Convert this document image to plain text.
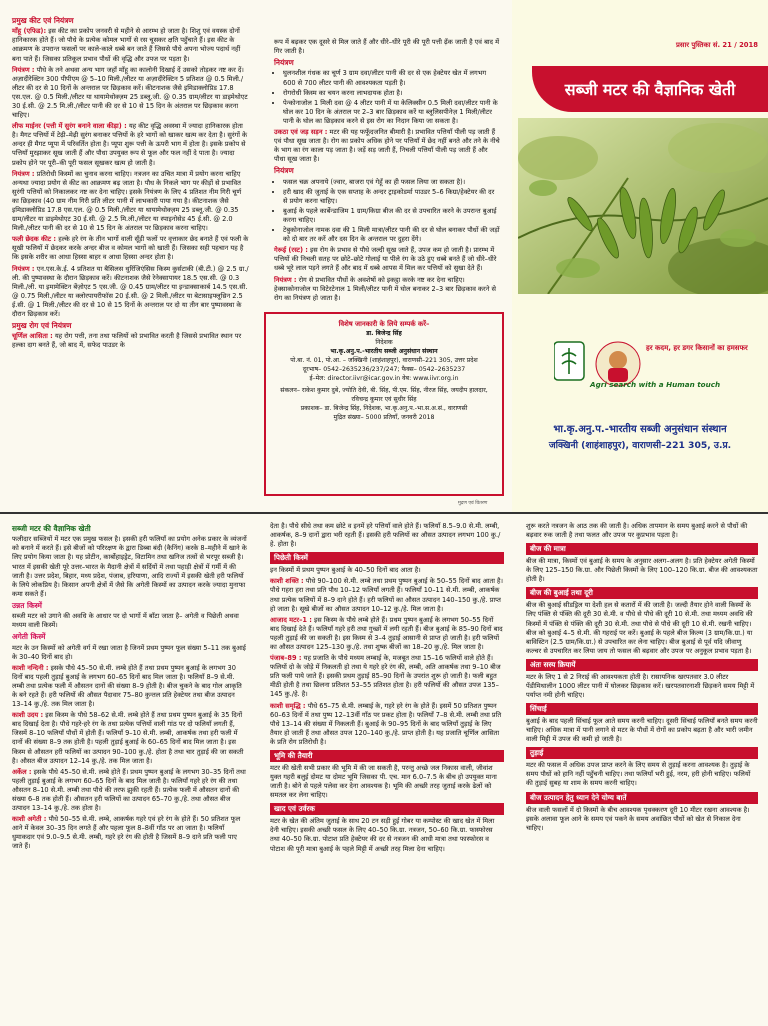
प्रमुख कीट एवं नियंत्रण

माँहू (एफिड): इस कीट का प्रकोप जनवरी से महीने से आरम्भ हो जाता है। शिशु एवं वयस्क दोनों हानिकारक होते हैं। जो पौधे के प्रत्येक कोमल भागों से रस चूसकर क्षति पहुँचाते हैं। इस कीट के आक्रमण के उपरान्त फसलों पर काले-काले धब्बे बन जाते हैं जिससे पौधे अपना भोज्य पदार्थ नहीं बना पाते हैं। जिसका प्रतिकूल प्रभाव पौधों की वृद्धि और उपज पर पड़ता है।

नियंत्रण : पौधे के तने अथवा अन्य भाग जहाँ माँहू का कालोनी दिखाई दें उसको तोड़कर नष्ट कर दें। अज़ादीरेक्टिन 300 पीपीएम @ 5–10 मिली./लीटर या अज़ादीरेक्टिन 5 प्रतिशत @ 0.5 मिली./लीटर की दर से 10 दिनों के अन्तराल पर छिड़काव करें। कीटनाशक जैसे इमिडाक्लोप्रिड 17.8 एस.एल. @ 0.5 मिली./लीटर या थायामेथोक्ज़म 25 डब्लू.जी. @ 0.35 ग्राम/लीटर या डाइमेथोएट 30 ई.सी. @ 2.5 मि.ली./लीटर पानी की दर से 10 से 15 दिन के अंतराल पर छिड़काव करना चाहिए।

लीफ माईनर (पत्ती में सुरंग बनाने वाला कीड़ा) : यह कीट वृद्धि अवस्था में ज्यादा हानिकारक होता है। मैगट पत्तियों में टेढ़ी–मेढ़ी सुरंग बनाकर पत्तियों के हरे भागों को खाकर खत्म कर देता है। सुरंगों के अन्दर ही मैगट प्यूपा में परिवर्तित होता है। प्यूपा शुरू पत्ती के ऊपरी भाग में होता है। इसके प्रकोप से पत्तियाँ मुरझाकर सूख जाती हैं और पौधा उपयुक्त रूप से फूल और फल नहीं दे पाता है। ज्यादा प्रकोप होने पर पूरी–की पूरी फसल सूखकर खत्म हो जाती है।

नियंत्रण : प्रतिरोधी किस्मों का चुनाव करना चाहिए। नत्रजन का उचित मात्रा में प्रयोग करना चाहिए अन्यथा ज्यादा प्रयोग से कीट का आक्रमण बढ़ जाता है। पौध के निकले भाग पर कीड़ों से प्रभावित सुरंगी पत्तियों को निकालकर नष्ट कर देना चाहिए। इसके नियंत्रण के लिए 4 प्रतिशत नीम गिरी चूर्ण का छिड़काव (40 ग्राम नीम गिरी प्रति लीटर पानी में लाभकारी पाया गया है। कीटनाशक जैसे इमिडाक्लोप्रिड 17.8 एस.एल. @ 0.5 मिली./लीटर या थायामेथोक्ज़म 25 डब्लू.जी. @ 0.35 ग्राम/लीटर या डाइमेथोएट 30 ई.सी. @ 2.5 मि.ली./लीटर या स्पाइनोसेड 45 ई.सी. @ 2.0 मिली./लीटर पानी की दर से 10 से 15 दिन के अंतराल पर छिड़काव करना चाहिए।

फली छेदक कीट : हल्के हरे रंग के तीन भागों वाली सूँड़ी फलों पर वृत्ताकार छेद बनाते हैं एवं फली के सूखी फलियों में छेदकर करके अन्दर बीज व कोमल भागों को खाती हैं। जिसका सही पहचान यह है कि इसके शरीर का आधा हिस्सा बाहर व आधा हिस्सा अन्दर होता है।

नियंत्रण : एन.एस.के.ई. 4 प्रतिशत या बैसिलस थुरिंजिएंसिस किस्म कुर्सटाकी (बी.टी.) @ 2.5 ग्रा./ली. की पुष्पावस्था के दौरान छिड़काव करें। कीटनाशक जैसे रेनेक्सापायर 18.5 एस.सी. @ 0.3 मिली./ली. या इमामेक्टिन बेंज़ोएट 5 एस.जी. @ 0.45 ग्राम/लीटर या इन्डाक्साकार्ब 14.5 एस.सी. @ 0.75 मिली./लीटर या क्लोरपायरीफॉस 20 ई.सी. @ 2 मिली./लीटर या बेटासाइफ्लूथ्रिन 2.5 ई.सी. @ 1 मिली./लीटर की दर से 10 से 15 दिनों के अन्तराल पर दो या तीन बार पुष्पावस्था के दौरान छिड़काव करें।

प्रमुख रोग एवं नियंत्रण

चूर्णिल आसिता : यह रोग पत्ती, तना तथा फलियों को प्रभावित करती है जिससे प्रभावित स्थान पर हल्का दाग बनते हैं, जो बाद में, सफेद पाउडर के

रूप में बढ़कर एक दूसरे से मिल जाते हैं और धीरे–धीरे पूरी की पूरी पत्ती ढ़ँक जाती है एवं बाद में गिर जाती है।

नियंत्रण
• घुलनशील गंधक का चूर्ण 3 ग्राम दवा/लीटर पानी की दर से एक हेक्टेयर खेत में लगभग 600 से 700 लीटर पानी की आवश्यकता पड़ती है।
• रोगरोधी किस्म का चयन करना लाभदायक होता है।
• पेन्कोनाजोल 1 मिली दवा @ 4 लीटर पानी में या केलिक्सीन 0.5 मिली दवा/लीटर पानी के घोल कर 10 दिन के अंतराल पर 2–3 बार छिड़काव करें या ब्लूलिसपीनेज़ 1 मिली/लीटर पानी के घोल का छिड़काव करने से इस रोग का निदान किया जा सकता है।

उकठा एवं जड़ सड़न : मटर की यह फफूँदजनित बीमारी है। प्रभावित पत्तियाँ पीली पड़ जाती हैं एवं पौधा सूख जाता है। रोग का प्रकोप अधिक होने पर पत्तियाँ में छेद नहीं बनते और तने के नीचे के भाग का रंग काला पड़ जाता है। जड़ें सड़ जाती हैं, निचली पत्तियाँ पीली पड़ जाती हैं और पौधा सूख जाता है।

नियंत्रण
• फसल चक्र अपनाये (ज्वार, बाजरा एवं गेहूँ का ही फसल लिया जा सकता है)।
• हरी खाद की जुताई के एक सप्ताह के अन्दर ट्राइकोडर्मा पाउडर 5–6 किग्रा/हेक्टेयर की दर से प्रयोग करना चाहिए।
• बुआई के पहले कार्बेन्डाजिम 1 ग्राम/किग्रा बीज की दर से उपचारित करने के उपरान्त बुआई करना चाहिए।
• टेबुकोनाजोल नामक दवा की 1 मिली मात्रा/लीटर पानी की दर से घोल बनाकर पौधों की जड़ों को दो बार तर करें और दस दिन के अन्तराल पर दुहरा देंगे।

गेरूई (रस्ट) : इस रोग के प्रभाव से पौधे जल्दी सूख जाते हैं, उपज कम हो जाती है। प्रारम्भ में पत्तियों की निचली सतह पर छोटे–छोटे गोलाई या पीले रंग के उठे हुए धब्बे बनते हैं जो धीरे–धीरे धब्बे भूरे लाल पड़ने लगते हैं और बाद में धब्बे आपस में मिल कर पत्तियों को सुखा देते हैं।

नियंत्रण : रोग से प्रभावित पौधों के अवशेषों को इकट्ठा करके नष्ट कर देना चाहिए। हेक्साकोनाजोल या विटेरटेनाल 1 मिली/लीटर पानी में घोल बनाकर 2–3 बार छिड़काव करने से रोग का नियंत्रण हो जाता है।

विशेष जानकारी के लिये सम्पर्क करें–
डा. बिजेन्द्र सिंह
निदेशक
भा.कृ.अनु.प.-भारतीय सब्जी अनुसंधान संस्थान
पो.बा. नं. 01, पो.आ. – जक्खिनी (शाहंशाहपुर), वाराणसी–221 305, उत्तर प्रदेश
दूरभाष– 0542–2635236/237/247; फैक्स– 0542–2635237
ई–मेल: director.iivr@icar.gov.in वेब: www.iivr.org.in
संकलन– राकेश कुमार दुबे, ज्योति देवी, बी. सिंह, पी.एम. सिंह, नीरज सिंह, जयदीप हालदार, रविचन्द्र कुमार एवं सुधीर सिंह
प्रकाशक– डा. बिजेन्द्र सिंह, निदेशक, भा.कृ.अनु.प.-भा.स.अ.सं., वाराणसी
मुद्रित संख्या– 5000 प्रतियाँ, जनवरी 2018
मुद्रण एवं वितरण
प्रसार पुस्तिका सं. 21 / 2018
सब्जी मटर की वैज्ञानिक खेती
हर कदम, हर डगर किसानों का हमसफर
Agri search with a Human touch
भा.कृ.अनु.प.-भारतीय सब्जी अनुसंधान संस्थान
जक्खिनी (शाहंशाहपुर), वाराणसी–221 305, उ.प्र.
सब्जी मटर की वैज्ञानिक खेती

फलीदार सब्जियों में मटर एक प्रमुख फसल है। इसकी हरी फलियाँ का प्रयोग अनेक प्रकार के व्यंजनों को बनाने में करते हैं। इसे बीजों को परिरक्षण के द्वारा डिब्बा बंदी (कैनिंग) करके 8–महीने में खाने के लिए प्रयोग किया जाता है। यह प्रोटीन, कार्बोहाइड्रेट, विटामिन तथा खनिज तत्वों से भरपूर सब्जी है। भारत में इसकी खेती पूरे उत्तर–भारत के मैदानी क्षेत्रों में सर्दियों में तथा पहाड़ी क्षेत्रों में गर्मी में की जाती है। उत्तर प्रदेश, बिहार, मध्य प्रदेश, पंजाब, हरियाणा, आदि राज्यों में इसकी खेती हरी फलियों के लिये लोकप्रिय है। किसान अपनी क्षेत्रों में जैसे कि अगेती किस्मों का उत्पादन करके ज्यादा मुनाफा कमा सकते हैं।

उन्नत किस्में

सब्जी मटर को उगाने की अवधि के आधार पर दो भागों में बाँटा जाता है– अगेती व पिछेती अथवा मध्यम वाली किस्में।

अगेती किस्में

मटर के उन किस्मों को अगेती वर्ग में रखा जाता है जिनमें प्रथम पुष्पन फूल संख्या 5–11 तक बुआई के 30–40 दिनों बाद हो।

काशी नन्दिनी : इसके पौधे 45–50 से.मी. लम्बे होते हैं तथा प्रथम पुष्पन बुआई के लगभग 30 दिनों बाद पहली तुड़ाई बुआई के लगभग 60–65 दिनों बाद मिल जाता है। फलियाँ 8–9 से.मी. लम्बी तथा प्रत्येक फली में औसतन दानों की संख्या 8–9 होती है। बीज चुकने के बाद गोल आकृति के बने रहते हैं। हरी फलियों की औसत पैदावार 75–80 कुन्तल प्रति हेक्टेयर तथा बीज उत्पादन 13–14 कु./हे. तक मिल जाता है।

काशी उदय : इस किस्म के पौधे 58–62 से.मी. लम्बे होते हैं तथा प्रथम पुष्पन बुआई के 35 दिनों बाद दिखाई देता है। पौधे गहरे-हरे रंग के तथा प्रत्येक पत्तियों वाली गांठ पर दो फलियाँ लगती हैं, जिसमें 8–10 फलियाँ पौधों में होती हैं। फलियाँ 9–10 से.मी. लम्बी, आकर्षक तथा हरी फली में दानों की संख्या 8–9 तक होती है। पहली तुड़ाई बुआई के 60–65 दिनों बाद मिल जाता है। इस किस्म से औसतन हरी फलियों का उत्पादन 90–100 कु./हे. होता है तथा चार तुड़ाई की जा सकती है। औसत बीज उत्पादन 12–14 कु./हे. तक मिल जाता है।

अर्केल : इसके पौधे 45–50 से.मी. लम्बे होते हैं। प्रथम पुष्पन बुआई के लगभग 30–35 दिनों तथा पहली तुड़ाई बुआई के लगभग 60–65 दिनों के बाद मिल जाती है। फलियाँ गहरे हरे रंग की तथा औसतन 8–10 से.मी. लम्बी तथा पौधे की तरफ झुकी रहती हैं। प्रत्येक फली में औसतन दानों की संख्या 6–8 तक होती हैं। औसतन हरी फलियों का उत्पादन 65–70 कु./हे. तथा औसत बीज उत्पादन 13–14 कु./हे. तक होता है।

काशी अगेती : पौधे 50–55 से.मी. लम्बे, आकर्षक गहरे एवं हरे रंग के होते हैं। 50 प्रतिशत फूल आने में केवल 30–35 दिन लगते हैं और पहला फूल 8–8वीं गाँठ पर आ जाता है। फलियाँ धुमाकदार एवं 9.0–9.5 से.मी. लम्बी, गहरे हरे रंग की होती है जिसमें 8–9 दाने प्रति फली पाए जाते हैं।

देता है। पौधे सीधे तथा कम छोटे व इनमें हरे पत्तियाँ वाले होते हैं। फलियाँ 8.5–9.0 से.मी. लम्बी, आकर्षक, 8–9 दानों द्वारा भरी रहती हैं। इसकी हरी फलियों का औसत उत्पादन लगभग 100 कु./हे. होता है।

पिछेती किस्में

इन किस्मों में प्रथम पुष्पन बुआई के 40–50 दिनों बाद आता है।

काशी शक्ति : पौधे 90–100 से.मी. लम्बे तथा प्रथम पुष्पन बुआई के 50–55 दिनों बाद आता है। पौधे गहरा हरा तथा प्रति पौध 10–12 फलियाँ लगती हैं। फलियाँ 10–11 से.मी. लम्बी, आकर्षक तथा प्रत्येक फलियों में 8–9 दाने होते हैं। हरी फलियों का औसत उत्पादन 140–150 कु./हे. प्राप्त हो जाता है। सूखे बीजों का औसत उत्पादन 10–12 कु./हे. मिल जाता है।

आजाद मटर–1 : इस किस्म के पौधे लम्बे होते हैं। प्रथम पुष्पन बुआई के लगभग 50–55 दिनों बाद दिखाई देते हैं। फलियाँ गहरे हरी तथा गुच्छों में लगी रहती हैं। बीज बुआई के 85–90 दिनों बाद पहली तुड़ाई की जा सकती है। इस किस्म से 3–4 तुड़ाई आसानी से प्राप्त हो जाती है। हरी फलियों का औसत उत्पादन 125–130 कु./हे. तथा शुष्क बीजों का 18–20 कु./हे. मिल जाता है।

पंजाब–89 : यह प्रजाति के पौधे मध्यम लम्बाई के, मजबूत तथा 15–16 फलियों वाले होते हैं। फलियों दो के जोड़े में निकलती हो तथा ये गहरे हरे रंग की, लम्बी, अति आकर्षक तथा 9–10 बीज प्रति फली पाये जाते हैं। इसकी प्रथम तुड़ाई 85–90 दिनों के उपरांत शुरू हो जाती है। फली बहुत मीठी होती है तथा छिलना प्रतिशत 53–55 प्रतिशत होता है। हरी फलियों की औसत उपज 135–145 कु./हे. है।

काशी समृद्धि : पौधे 65–75 से.मी. लम्बाई के, गहरे हरे रंग के होते हैं। इसमें 50 प्रतिशत पुष्पन 60–63 दिनों में तथा पुष्प 12–13वीं गाँठ पर प्रकट होता है। फलियाँ 7–8 से.मी. लम्बी तथा प्रति पौधे 13–14 की संख्या में निकलती हैं। बुआई के 90–95 दिनों के बाद फलियाँ तुड़ाई के लिए तैयार हो जाती हैं तथा औसत उपज 120–140 कु./हे. प्राप्त होती है। यह प्रजाति चूर्णिल आसिता के प्रति रोग प्रतिरोधी है।

भूमि की तैयारी

मटर की खेती सभी प्रकार की भूमि में की जा सकती है, परन्तु अच्छे जल निकास वाली, जीवांश युक्त गहरी बलुई दोमट या दोमट भूमि जिसका पी. एच. मान 6.0–7.5 के बीच हो उपयुक्त माना जाती है। बोने से पहले पलेवा कर देना आवश्यक है। भूमि की अच्छी तरह जुताई करके ढेलों को समतल कर लेना चाहिए।

खाद एवं उर्वरक

मटर के खेत की अंतिम जुताई के साथ 20 टन सड़ी हुई गोबर या कम्पोस्ट की खाद खेत में मिला देनी चाहिए। इसकी अच्छी फसल के लिए 40–50 कि.ग्रा. नत्रजन, 50–60 कि.ग्रा. फास्फोरस तथा 40–50 कि.ग्रा. पोटाश प्रति हेक्टेयर की दर से नत्रजन की आधी मात्रा तथा फास्फोरस व पोटाश की पूरी मात्रा बुआई के पहले मिट्टी में अच्छी तरह मिला देना चाहिए।

शुरू करते नत्रजन के आठ तक की जाती है। अधिक तापमान के समय बुआई करने से पौधों की बढ़वार रुक जाती है तथा फलत और उपज पर कुप्रभाव पड़ता है।

बीज की मात्रा

बीज की मात्रा, किस्मों एवं बुआई के समय के अनुसार अलग–अलग है। प्रति हेक्टेयर अगेती किस्मों के लिए 125–150 कि.ग्रा. और पिछेती किस्मों के लिए 100–120 कि.ग्रा. बीज की आवश्यकता होती है।

बीज की बुआई तथा दूरी

बीज की बुआई सीडड्रिल या देशी हल से कतारों में की जाती है। जल्दी तैयार होने वाली किस्मों के लिए पंक्ति से पंक्ति की दूरी 30 से.मी. व पौधे से पौधे की दूरी 10 से.मी. तथा मध्यम अवधि की किस्मों में पंक्ति से पंक्ति की दूरी 30 से.मी. तथा पौधे से पौधे की दूरी 10 से.मी. रखनी चाहिए। बीज को बुआई 4–5 से.मी. की गहराई पर करें। बुआई के पहले बीज किल्म (3 ग्राम/कि.ग्रा.) या बाविस्टिन (2.5 ग्राम/कि.ग्रा.) से उपचारित कर लेना चाहिए। बीज बुआई से पूर्व यदि जीवाणु कल्चर से उपचारित कर लिया जाय तो फसल की बढ़वार और उपज पर अनुकूल प्रभाव पड़ता है।

अंतः सस्य क्रियायें

मटर के लिए 1 से 2 निराई की आवश्यकता होती है। रासायनिक खरपतवार 3.0 लीटर पेंडीमिथालीन 1000 लीटर पानी में घोलकर छिड़काव करें। खरपतवारनाशी छिड़कने समय मिट्टी में पर्याप्त नमी होनी चाहिए।

सिंचाई

बुआई के बाद पहली सिंचाई फूल आते समय करनी चाहिए। दूसरी सिंचाई फलियाँ बनते समय करनी चाहिए। अधिक मात्रा में पानी लगाने से मटर के पौधों में रोगों का प्रकोप बढ़ता है और भारी जमीन वाली मिट्टी में उपज की कमी हो जाती है।

तुड़ाई

मटर की फसल में अधिक उपज प्राप्त करने के लिए समय से तुड़ाई करना आवश्यक है। तुड़ाई के समय पौधों को हानि नहीं पहुँचनी चाहिए। तथा फलियाँ भरी हुई, नरम, हरी होनी चाहिए। फलियों की तुड़ाई सुबह या शाम के समय करनी चाहिए।

बीज उत्पादन हेतु ध्यान देने योग्य बातें

बीज वाली फसलों में दो किस्मों के बीच आवश्यक पृथक्करण दूरी 10 मीटर रखना आवश्यक है। इसके अलावा फूल आने के समय एवं पकने के समय अवांछित पौधों को खेत से निकाल देना चाहिए।
